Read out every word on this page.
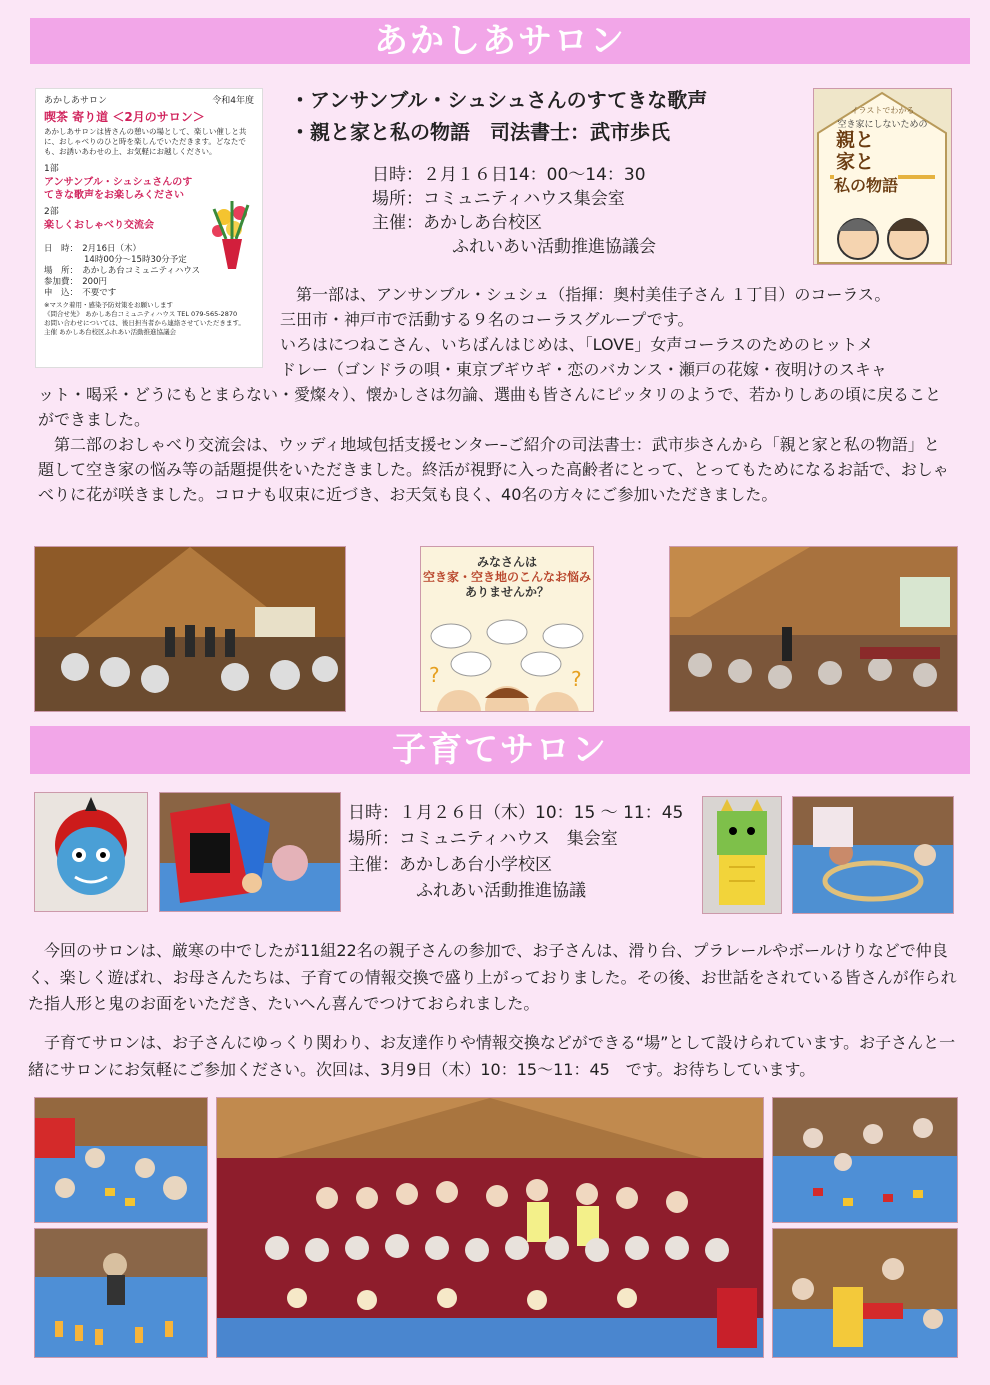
あかしあサロン
あかしあサロン	令和4年度
喫茶 寄り道 ＜2月のサロン＞
あかしあサロンは皆さんの憩いの場として、楽しい催しと共に、おしゃべりのひと時を楽しんでいただきます。どなたでも、お誘いあわせの上、お気軽にお越しください。
1部
アンサンブル・シュシュさんのすてきな歌声をお楽しみください
2部
楽しくおしゃべり交流会
日　時：　2月16日（木）
14時00分～15時30分予定
場　所：　あかしあ台コミュニティハウス
参加費：　200円
申　込：　不要です
※マスク着用・感染予防対策をお願いします
《問合せ先》 あかしあ台コミュニティハウス TEL 079-565-2870
お問い合わせについては、後日担当者から連絡させていただきます。
主催 あかしあ台校区ふれあい活動推進協議会
・アンサンブル・シュシュさんのすてきな歌声
・親と家と私の物語　司法書士：武市歩氏
日時：２月１６日14：00～14：30
場所：コミュニティハウス集会室
主催：あかしあ台校区
ふれいあい活動推進協議会
イラストでわかる
空き家にしないための
親と
家と
私の物語
第一部は、アンサンブル・シュシュ（指揮：奥村美佳子さん １丁目）のコーラス。
三田市・神戸市で活動する９名のコーラスグループです。
いろはにつねこさん、いちばんはじめは、「LOVE」女声コーラスのためのヒットメ
ドレー（ゴンドラの唄・東京ブギウギ・恋のバカンス・瀬戸の花嫁・夜明けのスキャ
ット・喝采・どうにもとまらない・愛燦々）、懐かしさは勿論、選曲も皆さんにピッタリのようで、若かりしあの頃に戻ることができました。
第二部のおしゃべり交流会は、ウッディ地域包括支援センター–ご紹介の司法書士：武市歩さんから「親と家と私の物語」と題して空き家の悩み等の話題提供をいただきました。終活が視野に入った高齢者にとって、とってもためになるお話で、おしゃべりに花が咲きました。コロナも収束に近づき、お天気も良く、40名の方々にご参加いただきました。
みなさんは
空き家・空き地のこんなお悩み
ありませんか？
?	?
子育てサロン
日時：１月２６日（木）10：15 ～ 11：45
場所：コミュニティハウス　集会室
主催：あかしあ台小学校区
ふれあい活動推進協議
今回のサロンは、厳寒の中でしたが11組22名の親子さんの参加で、お子さんは、滑り台、プラレールやボールけりなどで仲良く、楽しく遊ばれ、お母さんたちは、子育ての情報交換で盛り上がっておりました。その後、お世話をされている皆さんが作られた指人形と鬼のお面をいただき、たいへん喜んでつけておられました。
子育てサロンは、お子さんにゆっくり関わり、お友達作りや情報交換などができる“場”として設けられています。お子さんと一緒にサロンにお気軽にご参加ください。次回は、3月9日（木）10：15～11：45　です。お待ちしています。
